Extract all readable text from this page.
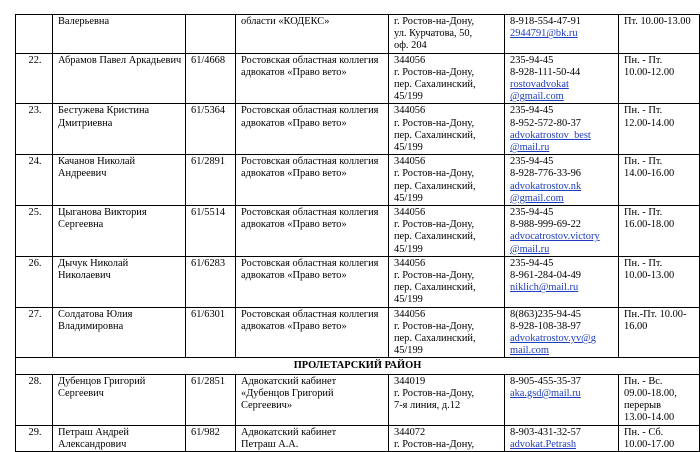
	Валерьевна		области «КОДЕКС»	г. Ростов-на-Дону,
ул. Курчатова, 50,
оф. 204	8-918-554-47-91
2944791@bk.ru	Пт. 10.00-13.00
22.	Абрамов Павел Аркадьевич	61/4668	Ростовская областная коллегия адвокатов «Право вето»	344056
г. Ростов-на-Дону,
пер. Сахалинский,
45/199	235-94-45
8-928-111-50-44
rostovadvokat
@gmail.com	Пн. - Пт.
10.00-12.00
23.	Бестужева Кристина
Дмитриевна	61/5364	Ростовская областная коллегия адвокатов «Право вето»	344056
г. Ростов-на-Дону,
пер. Сахалинский,
45/199	235-94-45
8-952-572-80-37
advokatrostov_best
@mail.ru	Пн. - Пт.
12.00-14.00
24.	Качанов Николай
Андреевич	61/2891	Ростовская областная коллегия адвокатов «Право вето»	344056
г. Ростов-на-Дону,
пер. Сахалинский,
45/199	235-94-45
8-928-776-33-96
advokatrostov.nk
@gmail.com	Пн. - Пт.
14.00-16.00
25.	Цыганова Виктория
Сергеевна	61/5514	Ростовская областная коллегия адвокатов «Право вето»	344056
г. Ростов-на-Дону,
пер. Сахалинский,
45/199	235-94-45
8-988-999-69-22
advocatrostov.victory
@mail.ru	Пн. - Пт.
16.00-18.00
26.	Дычук Николай
Николаевич	61/6283	Ростовская областная коллегия адвокатов «Право вето»	344056
г. Ростов-на-Дону,
пер. Сахалинский,
45/199	235-94-45
8-961-284-04-49
niklich@mail.ru	Пн. - Пт.
10.00-13.00
27.	Солдатова Юлия
Владимировна	61/6301	Ростовская областная коллегия адвокатов «Право вето»	344056
г. Ростов-на-Дону,
пер. Сахалинский,
45/199	8(863)235-94-45
8-928-108-38-97
advokatrostov.yv@g
mail.com	Пн.-Пт. 10.00-
16.00
ПРОЛЕТАРСКИЙ РАЙОН						
28.	Дубенцов Григорий
Сергеевич	61/2851	Адвокатский кабинет
«Дубенцов Григорий
Сергеевич»	344019
г. Ростов-на-Дону,
7-я линия, д.12	8-905-455-35-37
aka.gsd@mail.ru	Пн. - Вс.
09.00-18.00,
перерыв
13.00-14.00
29.	Петраш Андрей
Александрович	61/982	Адвокатский кабинет
Петраш А.А.	344072
г. Ростов-на-Дону,	8-903-431-32-57
advokat.Petrash	Пн. - Сб.
10.00-17.00
